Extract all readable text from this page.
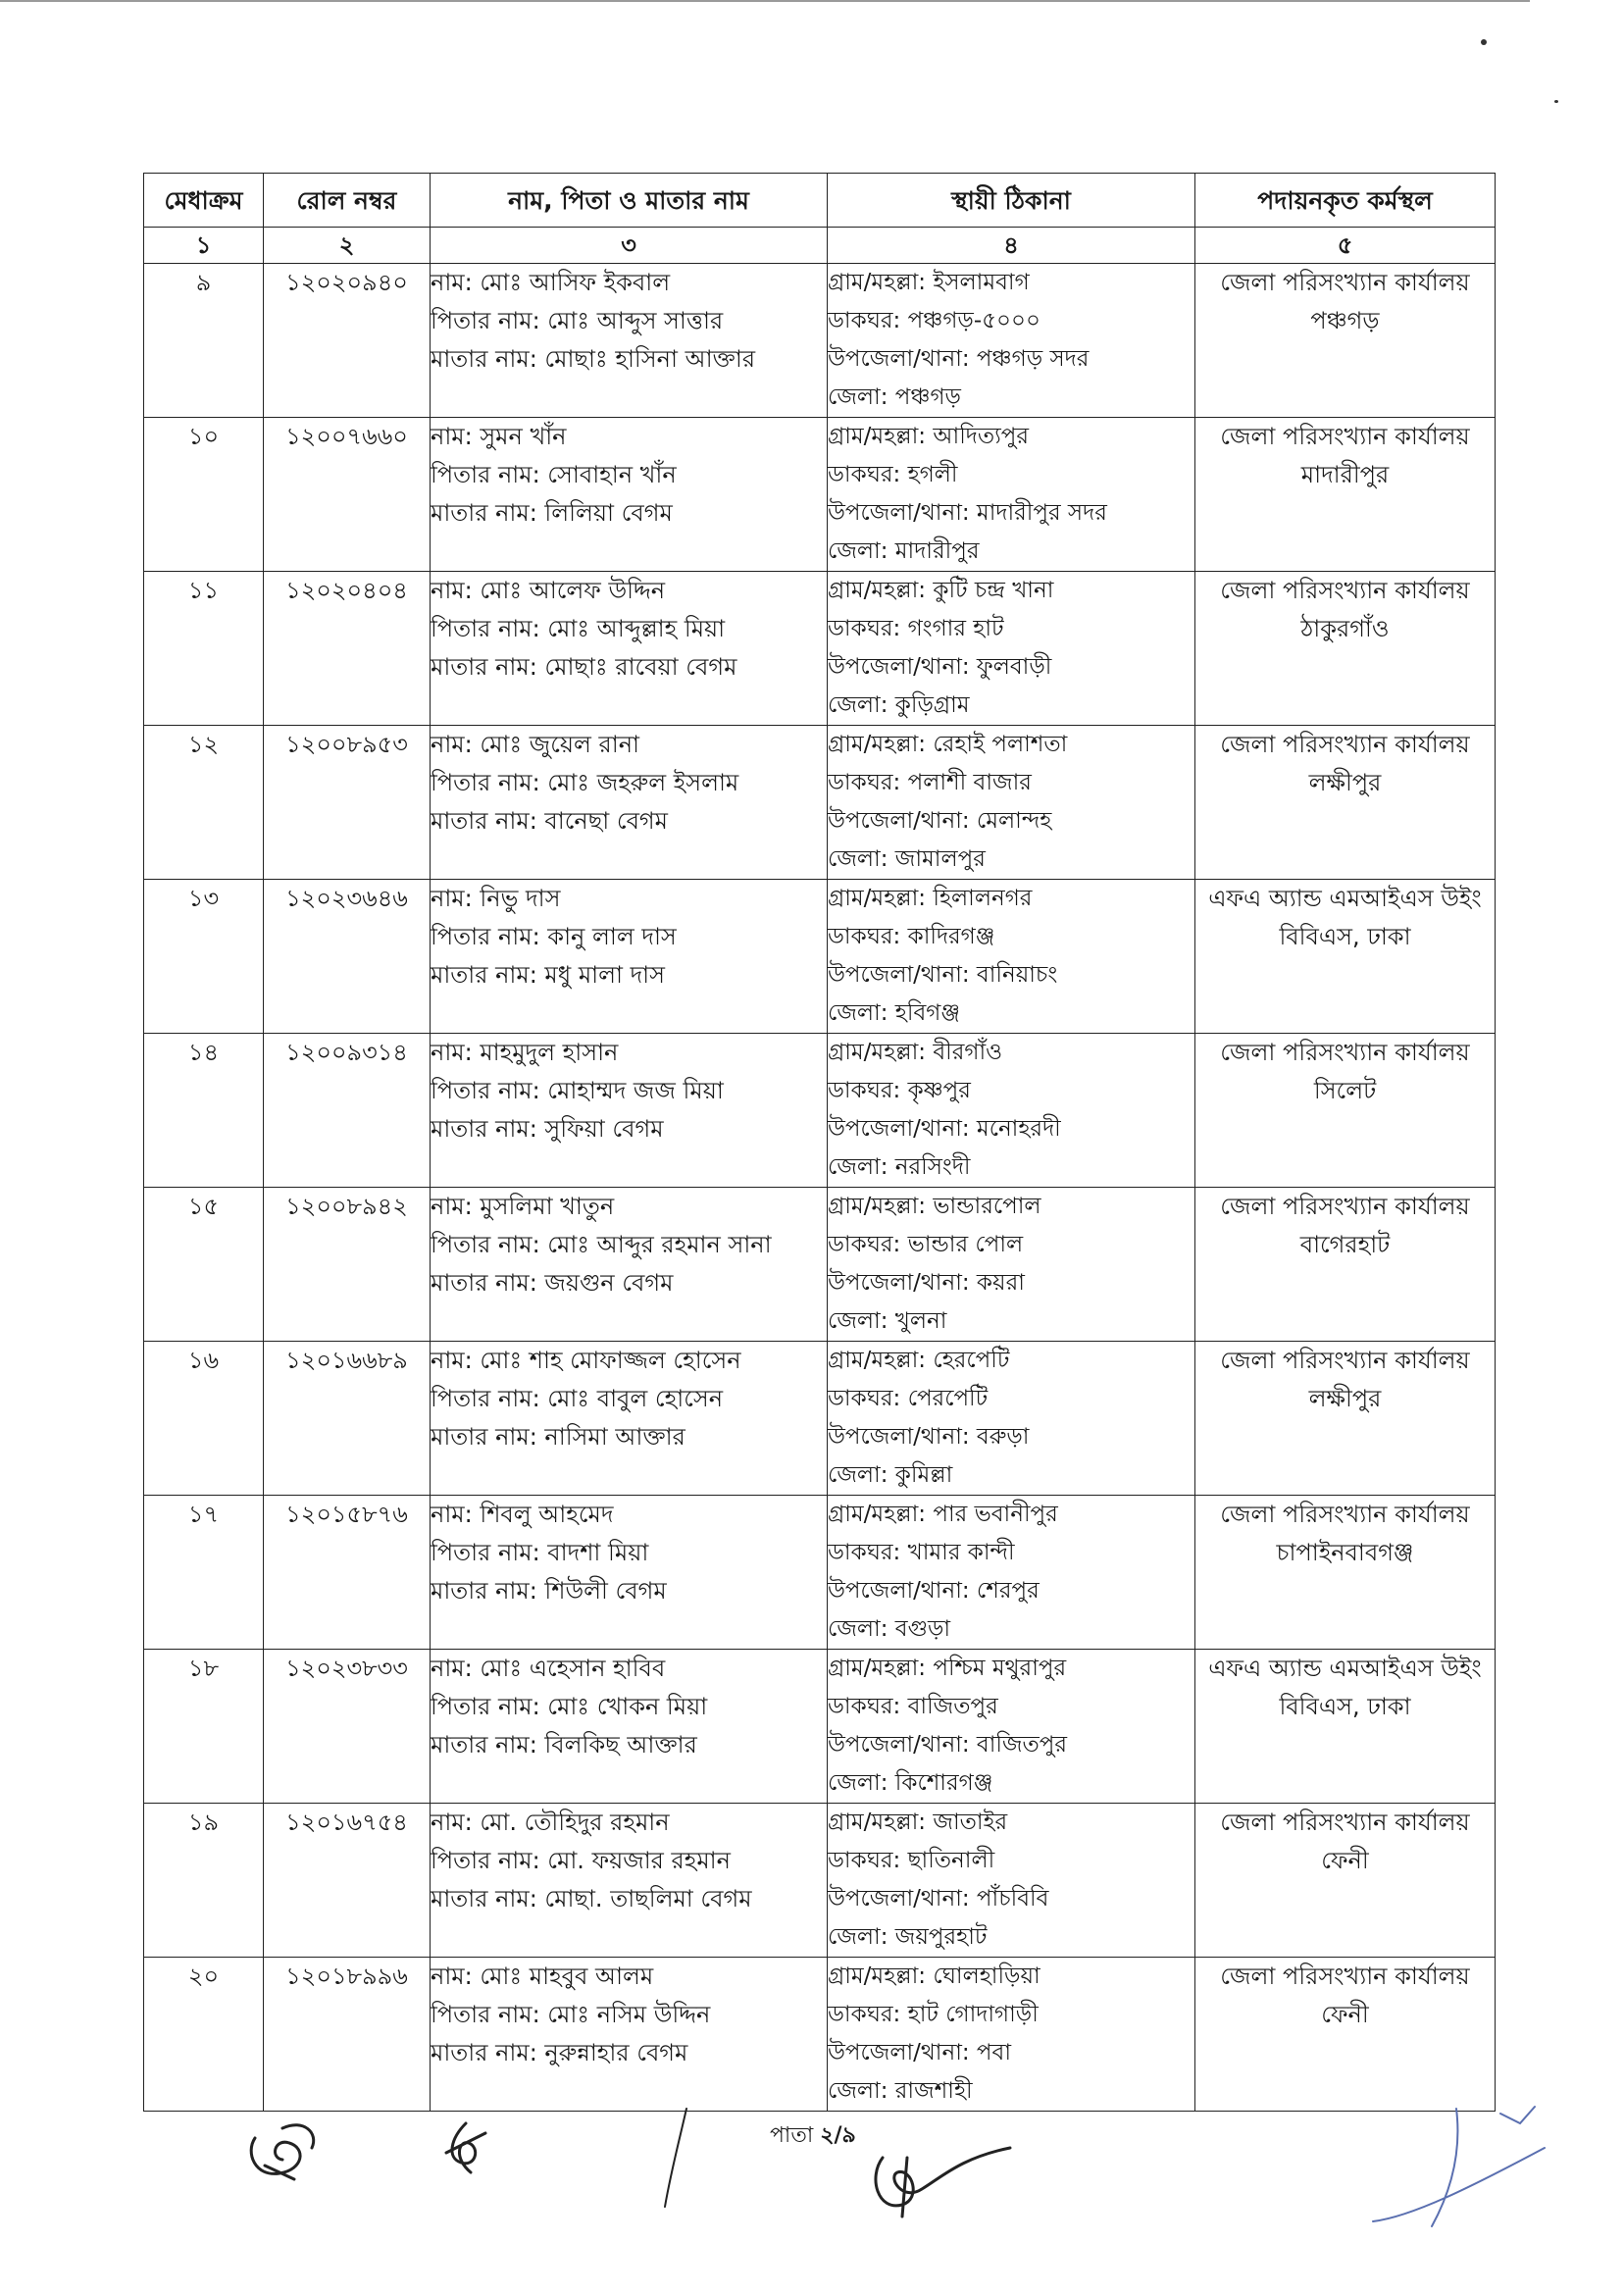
মেধাক্রম	রোল নম্বর	নাম, পিতা ও মাতার নাম	স্থায়ী ঠিকানা	পদায়নকৃত কর্মস্থল
১	২	৩	৪	৫

৯	১২০২০৯৪০	নাম: মোঃ আসিফ ইকবাল
পিতার নাম: মোঃ আব্দুস সাত্তার
মাতার নাম: মোছাঃ হাসিনা আক্তার	গ্রাম/মহল্লা: ইসলামবাগ
ডাকঘর: পঞ্চগড়-৫০০০
উপজেলা/থানা: পঞ্চগড় সদর
জেলা: পঞ্চগড়	জেলা পরিসংখ্যান কার্যালয়
পঞ্চগড়

১০	১২০০৭৬৬০	নাম: সুমন খাঁন
পিতার নাম: সোবাহান খাঁন
মাতার নাম: লিলিয়া বেগম	গ্রাম/মহল্লা: আদিত্যপুর
ডাকঘর: হগলী
উপজেলা/থানা: মাদারীপুর সদর
জেলা: মাদারীপুর	জেলা পরিসংখ্যান কার্যালয়
মাদারীপুর

১১	১২০২০৪০৪	নাম: মোঃ আলেফ উদ্দিন
পিতার নাম: মোঃ আব্দুল্লাহ মিয়া
মাতার নাম: মোছাঃ রাবেয়া বেগম	গ্রাম/মহল্লা: কুটি চন্দ্র খানা
ডাকঘর: গংগার হাট
উপজেলা/থানা: ফুলবাড়ী
জেলা: কুড়িগ্রাম	জেলা পরিসংখ্যান কার্যালয়
ঠাকুরগাঁও

১২	১২০০৮৯৫৩	নাম: মোঃ জুয়েল রানা
পিতার নাম: মোঃ জহরুল ইসলাম
মাতার নাম: বানেছা বেগম	গ্রাম/মহল্লা: রেহাই পলাশতা
ডাকঘর: পলাশী বাজার
উপজেলা/থানা: মেলান্দহ
জেলা: জামালপুর	জেলা পরিসংখ্যান কার্যালয়
লক্ষীপুর

১৩	১২০২৩৬৪৬	নাম: নিভু দাস
পিতার নাম: কানু লাল দাস
মাতার নাম: মধু মালা দাস	গ্রাম/মহল্লা: হিলালনগর
ডাকঘর: কাদিরগঞ্জ
উপজেলা/থানা: বানিয়াচং
জেলা: হবিগঞ্জ	এফএ অ্যান্ড এমআইএস উইং
বিবিএস, ঢাকা

১৪	১২০০৯৩১৪	নাম: মাহমুদুল হাসান
পিতার নাম: মোহাম্মদ জজ মিয়া
মাতার নাম: সুফিয়া বেগম	গ্রাম/মহল্লা: বীরগাঁও
ডাকঘর: কৃষ্ণপুর
উপজেলা/থানা: মনোহরদী
জেলা: নরসিংদী	জেলা পরিসংখ্যান কার্যালয়
সিলেট

১৫	১২০০৮৯৪২	নাম: মুসলিমা খাতুন
পিতার নাম: মোঃ আব্দুর রহমান সানা
মাতার নাম: জয়গুন বেগম	গ্রাম/মহল্লা: ভান্ডারপোল
ডাকঘর: ভান্ডার পোল
উপজেলা/থানা: কয়রা
জেলা: খুলনা	জেলা পরিসংখ্যান কার্যালয়
বাগেরহাট

১৬	১২০১৬৬৮৯	নাম: মোঃ শাহ মোফাজ্জল হোসেন
পিতার নাম: মোঃ বাবুল হোসেন
মাতার নাম: নাসিমা আক্তার	গ্রাম/মহল্লা: হেরপেটি
ডাকঘর: পেরপেটি
উপজেলা/থানা: বরুড়া
জেলা: কুমিল্লা	জেলা পরিসংখ্যান কার্যালয়
লক্ষীপুর

১৭	১২০১৫৮৭৬	নাম: শিবলু আহমেদ
পিতার নাম: বাদশা মিয়া
মাতার নাম: শিউলী বেগম	গ্রাম/মহল্লা: পার ভবানীপুর
ডাকঘর: খামার কান্দী
উপজেলা/থানা: শেরপুর
জেলা: বগুড়া	জেলা পরিসংখ্যান কার্যালয়
চাপাইনবাবগঞ্জ

১৮	১২০২৩৮৩৩	নাম: মোঃ এহেসান হাবিব
পিতার নাম: মোঃ খোকন মিয়া
মাতার নাম: বিলকিছ আক্তার	গ্রাম/মহল্লা: পশ্চিম মথুরাপুর
ডাকঘর: বাজিতপুর
উপজেলা/থানা: বাজিতপুর
জেলা: কিশোরগঞ্জ	এফএ অ্যান্ড এমআইএস উইং
বিবিএস, ঢাকা

১৯	১২০১৬৭৫৪	নাম: মো. তৌহিদুর রহমান
পিতার নাম: মো. ফয়জার রহমান
মাতার নাম: মোছা. তাছলিমা বেগম	গ্রাম/মহল্লা: জাতাইর
ডাকঘর: ছাতিনালী
উপজেলা/থানা: পাঁচবিবি
জেলা: জয়পুরহাট	জেলা পরিসংখ্যান কার্যালয়
ফেনী

২০	১২০১৮৯৯৬	নাম: মোঃ মাহবুব আলম
পিতার নাম: মোঃ নসিম উদ্দিন
মাতার নাম: নুরুন্নাহার বেগম	গ্রাম/মহল্লা: ঘোলহাড়িয়া
ডাকঘর: হাট গোদাগাড়ী
উপজেলা/থানা: পবা
জেলা: রাজশাহী	জেলা পরিসংখ্যান কার্যালয়
ফেনী
পাতা ২/৯
